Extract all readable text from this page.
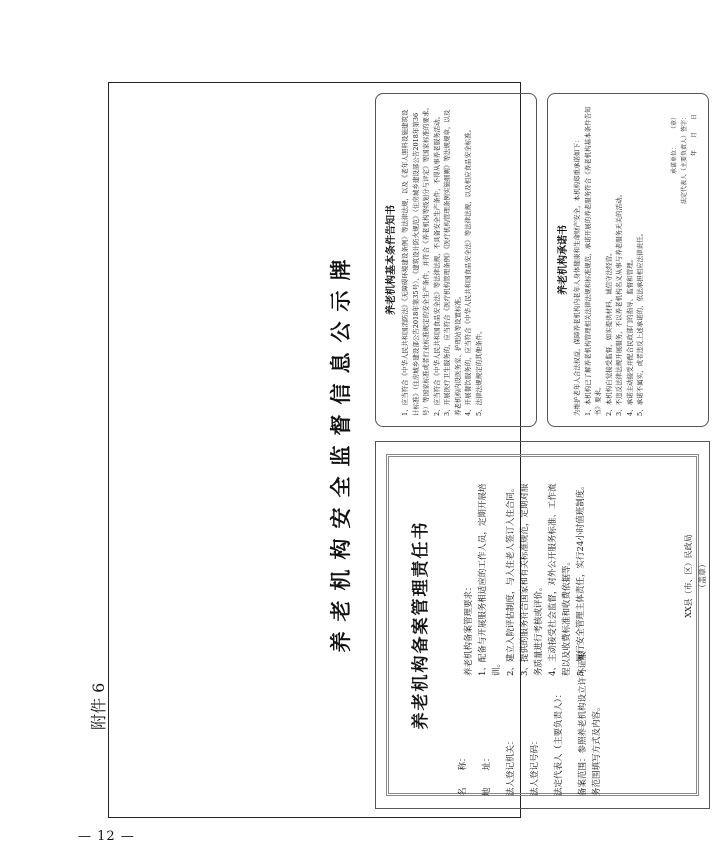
— 12 —
附件 6
养老机构安全监督信息公示牌	养老机构备案管理责任书
名　　称：	地　　址：	法人登记机关：	法人登记号码：	法定代表人（主要负责人）：	备案范围：参照养老机构设立许可证服 务范围填写方式及内容。
养老机构备案管理要求： 1、配备与开展服务相适应的工作人员，定期开展培训。 2、建立入院评估制度，与入住老人签订入住合同。 3、提供的服务符合国家和有关标准规范，定期对服务质量进行考核或评价。 4、主动接受社会监督，对外公开服务标准、工作流程以及收费标准和收费依据等。 5、履行安全管理主体责任，实行24小时值班制度。	XX县（市、区）民政局 （盖章）
养老机构基本条件告知书 1、应当符合《中华人民共和国消防法》《无障碍环境建设条例》等法律法规，以及《老年人照料设施建筑设计标准》（住房城乡建设部公告2018年第35号）、《建筑设计防火规范》（住房城乡建设部公告2018年第36号）等国家标准或者行业标准规定的安全生产条件，并符合《养老机构等级划分与评定》等国家标准的要求。 2、应当符合《中华人民共和国食品安全法》等法律法规，不具备安全生产条件，不得从事养老服务活动。 3、开展医疗卫生服务的，应当符合《医疗机构管理条例》《医疗机构管理条例实施细则》等法规规章，以及养老机构内设医务室、护理站等设置标准。 4、开展餐饮服务的，应当符合《中华人民共和国食品安全法》等法律法规，以及相应食品安全标准。 5、法律法规规定的其他条件。
养老机构承诺书 为维护老年人合法权益，保障养老机构内老年人身体健康和生命财产安全，本机构郑重承诺如下： 1、本机构已了解养老机构管理相关法律法规和标准规范，承诺开展的养老服务符合《养老机构基本条件告知书》要求。 2、本机构自觉接受监督，如实提供材料，诚信守法经营。 3、不违反法律法规开展服务，不以养老机构名义从事与养老服务无关的活动。 4、承诺主动接受并配合民政部门的指导、监督和管理。 5、承诺不属实，或者违反上述承诺的，依法承担相应法律责任。
承诺单位：　　　（章） 法定代表人（主要负责人）签字： 年　　月　　日
